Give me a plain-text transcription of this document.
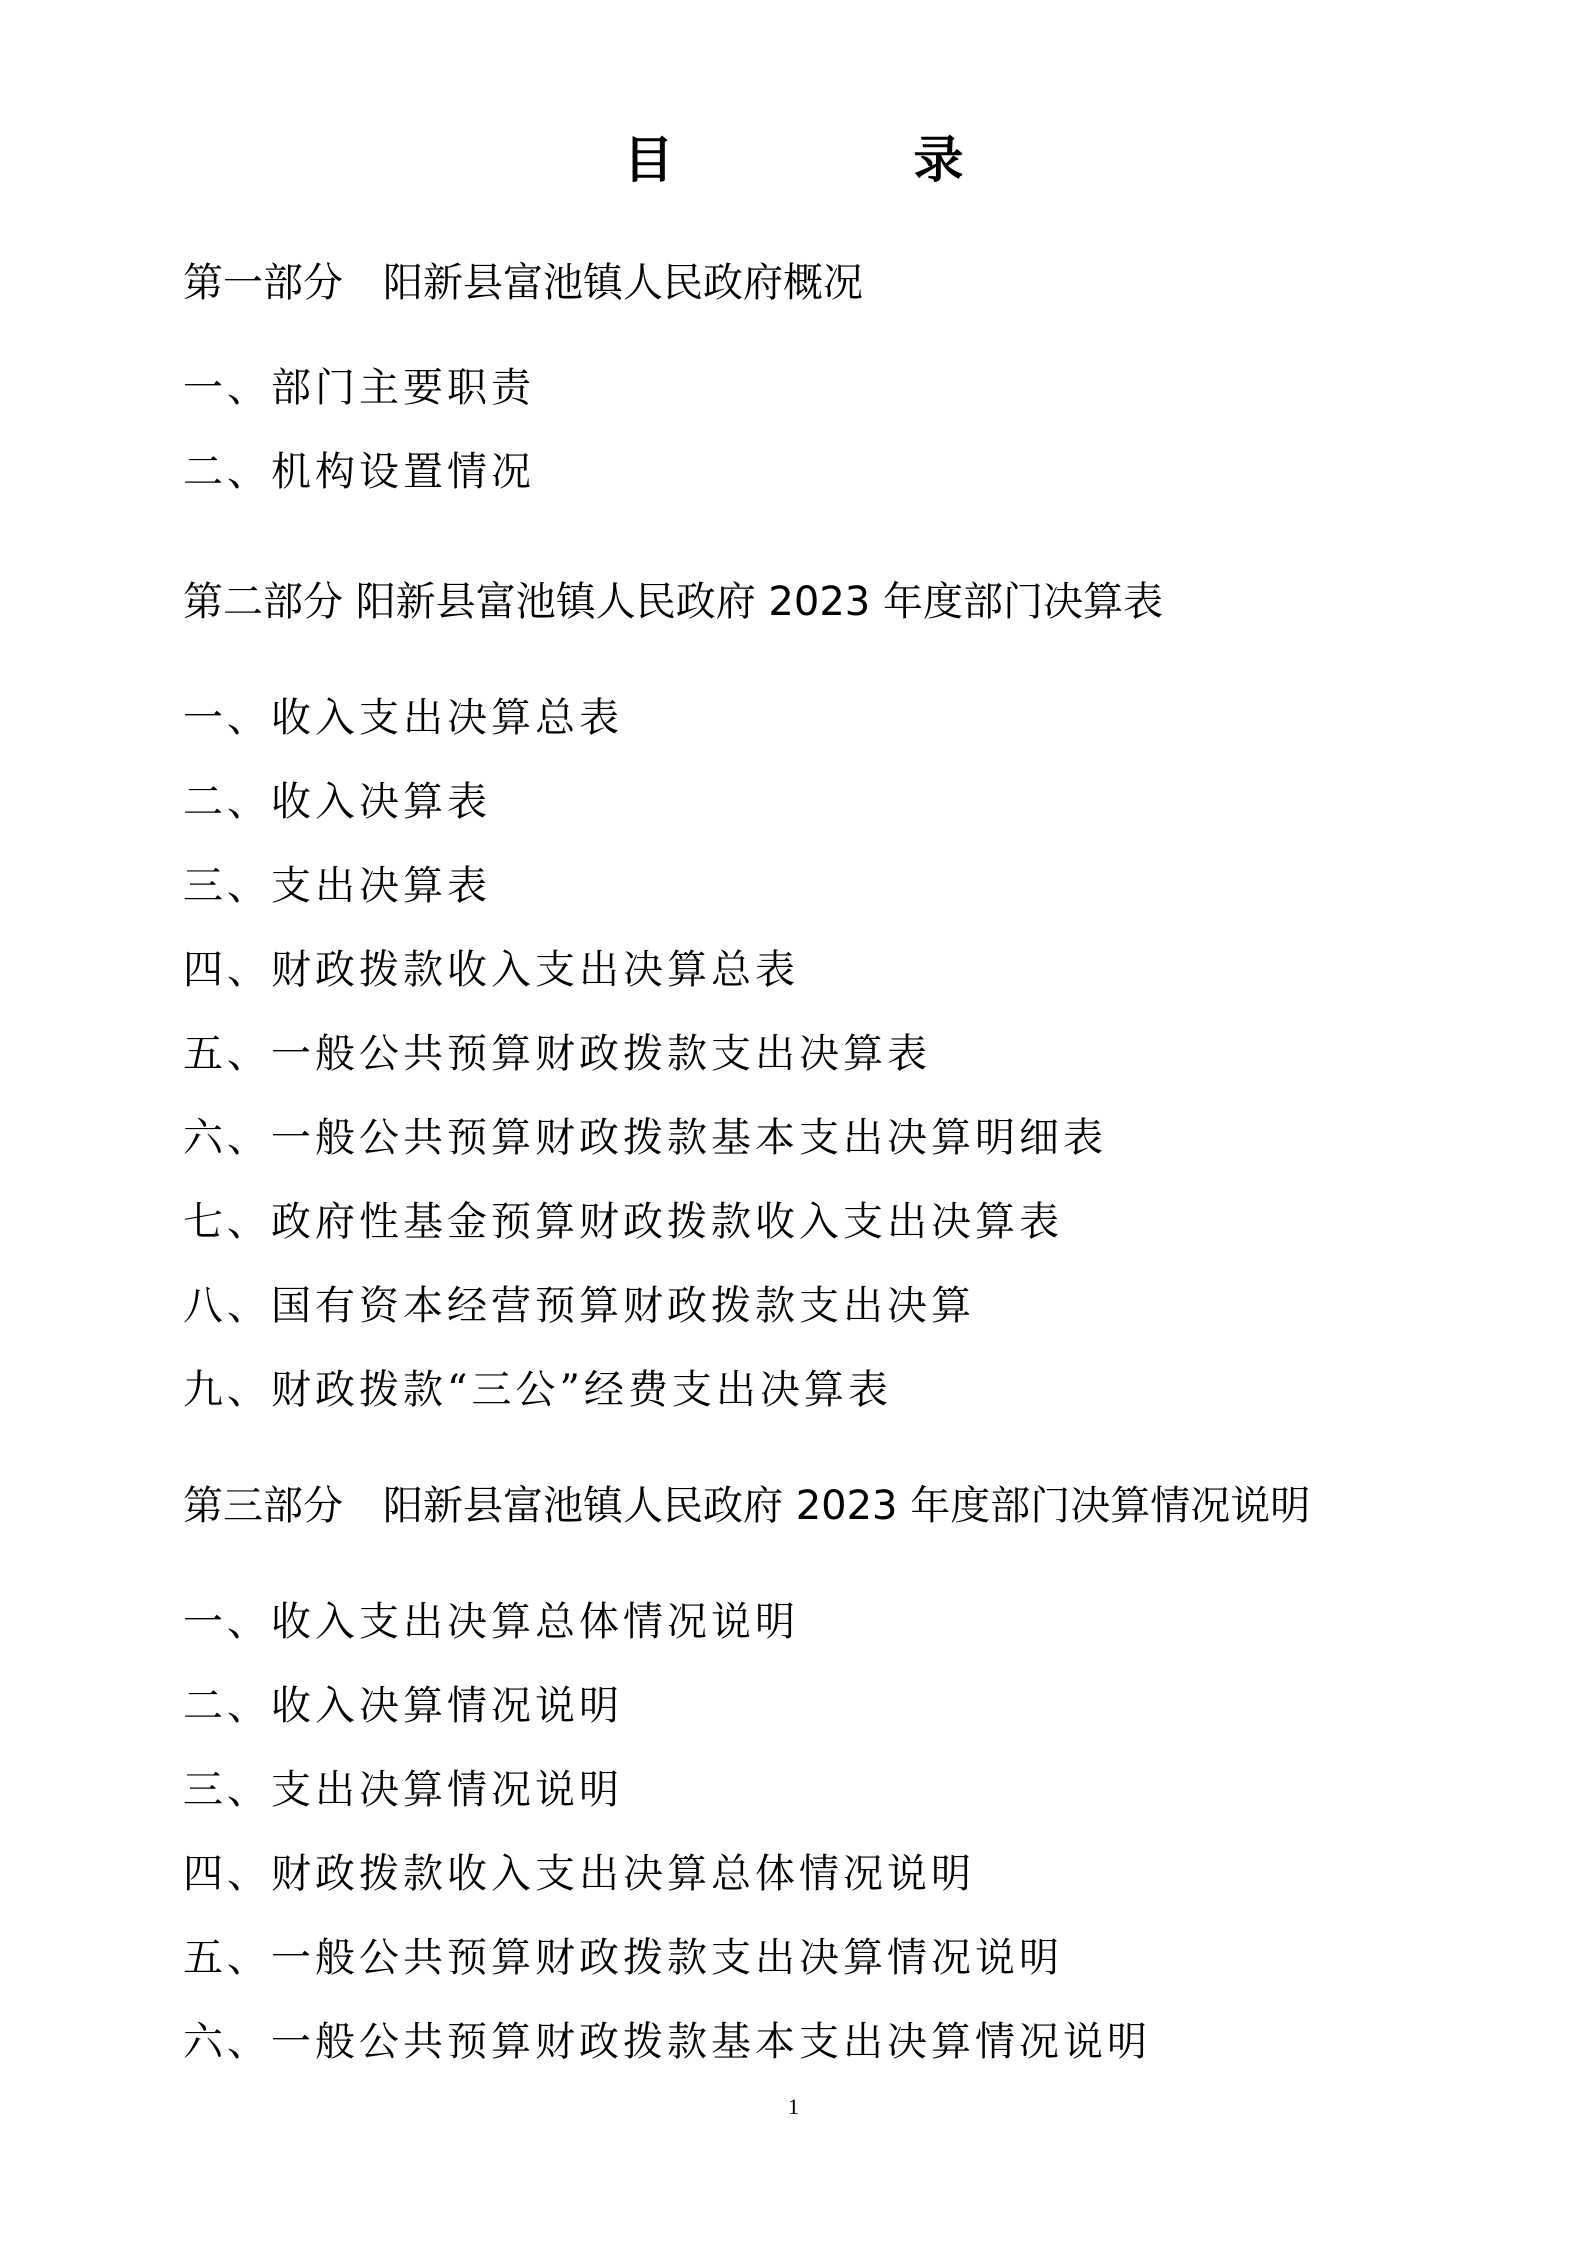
目　录
第一部分　阳新县富池镇人民政府概况
一、部门主要职责
二、机构设置情况
第二部分 阳新县富池镇人民政府 2023 年度部门决算表
一、收入支出决算总表
二、收入决算表
三、支出决算表
四、财政拨款收入支出决算总表
五、一般公共预算财政拨款支出决算表
六、一般公共预算财政拨款基本支出决算明细表
七、政府性基金预算财政拨款收入支出决算表
八、国有资本经营预算财政拨款支出决算
九、财政拨款“三公”经费支出决算表
第三部分　阳新县富池镇人民政府 2023 年度部门决算情况说明
一、收入支出决算总体情况说明
二、收入决算情况说明
三、支出决算情况说明
四、财政拨款收入支出决算总体情况说明
五、一般公共预算财政拨款支出决算情况说明
六、一般公共预算财政拨款基本支出决算情况说明
1
